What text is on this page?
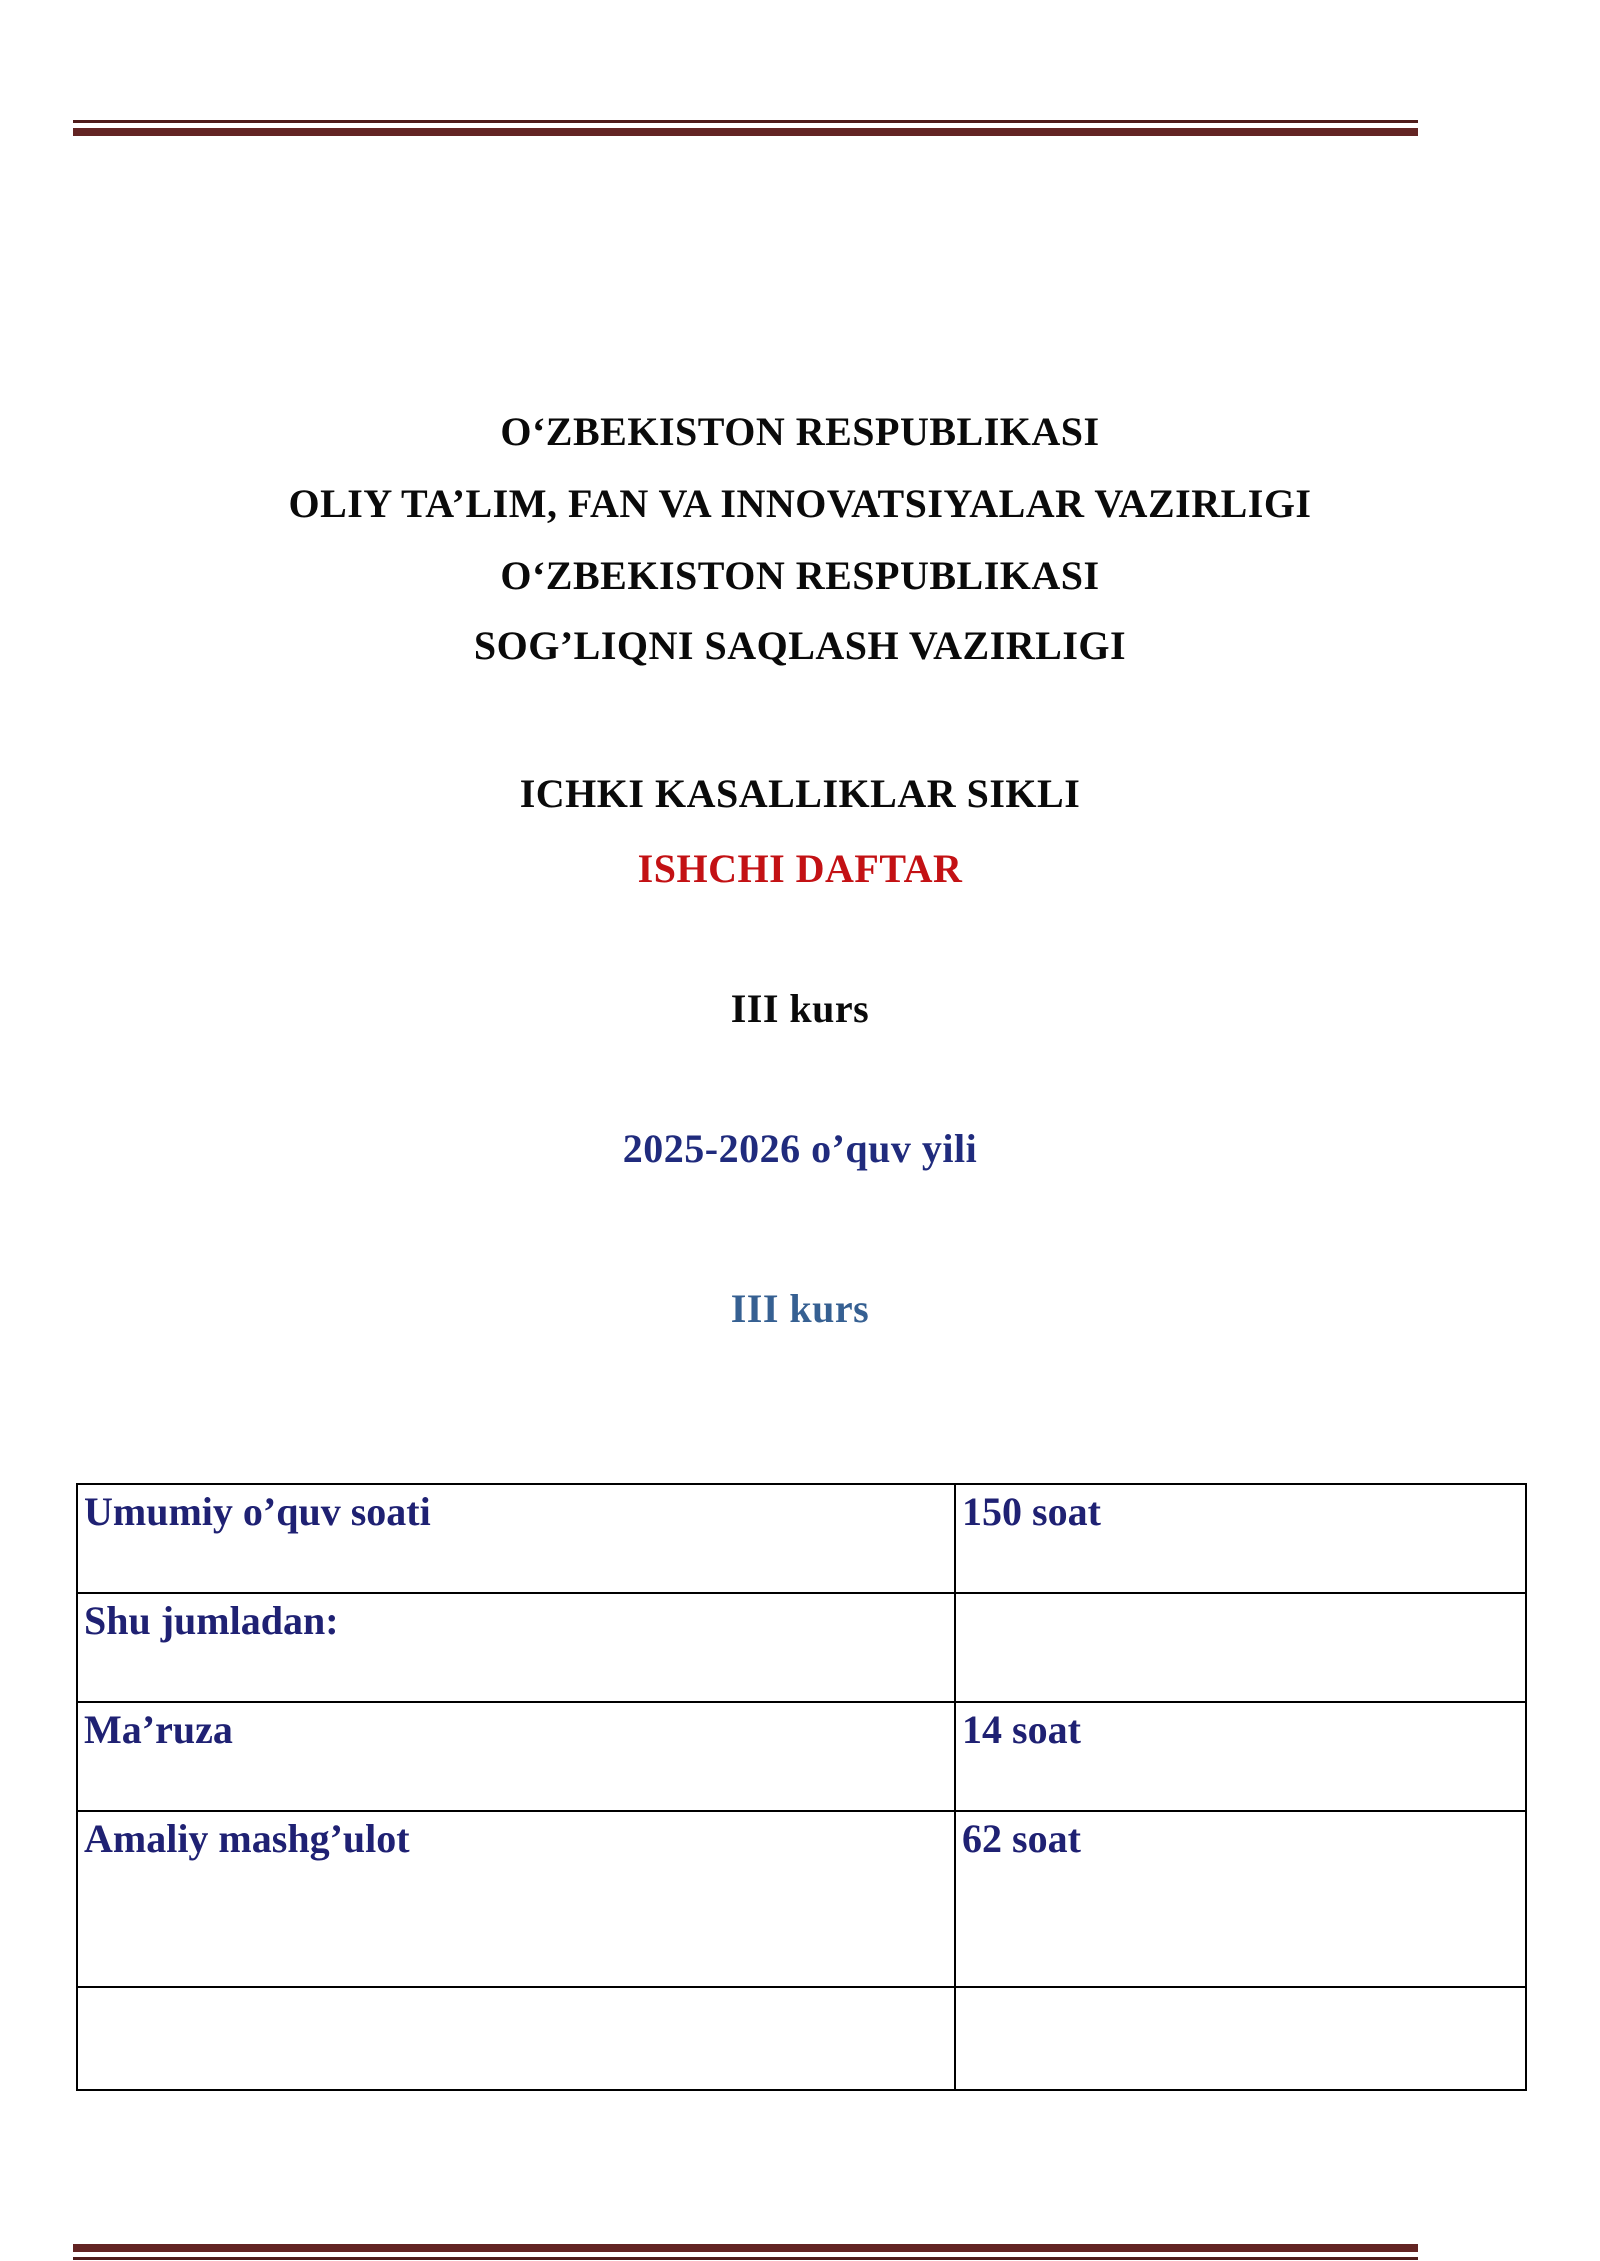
O‘ZBEKISTON RESPUBLIKASI
OLIY TA’LIM, FAN VA INNOVATSIYALAR VAZIRLIGI
O‘ZBEKISTON RESPUBLIKASI
SOG’LIQNI SAQLASH VAZIRLIGI
ICHKI KASALLIKLAR SIKLI
ISHCHI DAFTAR
III kurs
2025-2026 o’quv yili
III kurs
Umumiy o’quv soati	150 soat
Shu jumladan:	
Ma’ruza	14 soat
Amaliy mashg’ulot	62 soat
